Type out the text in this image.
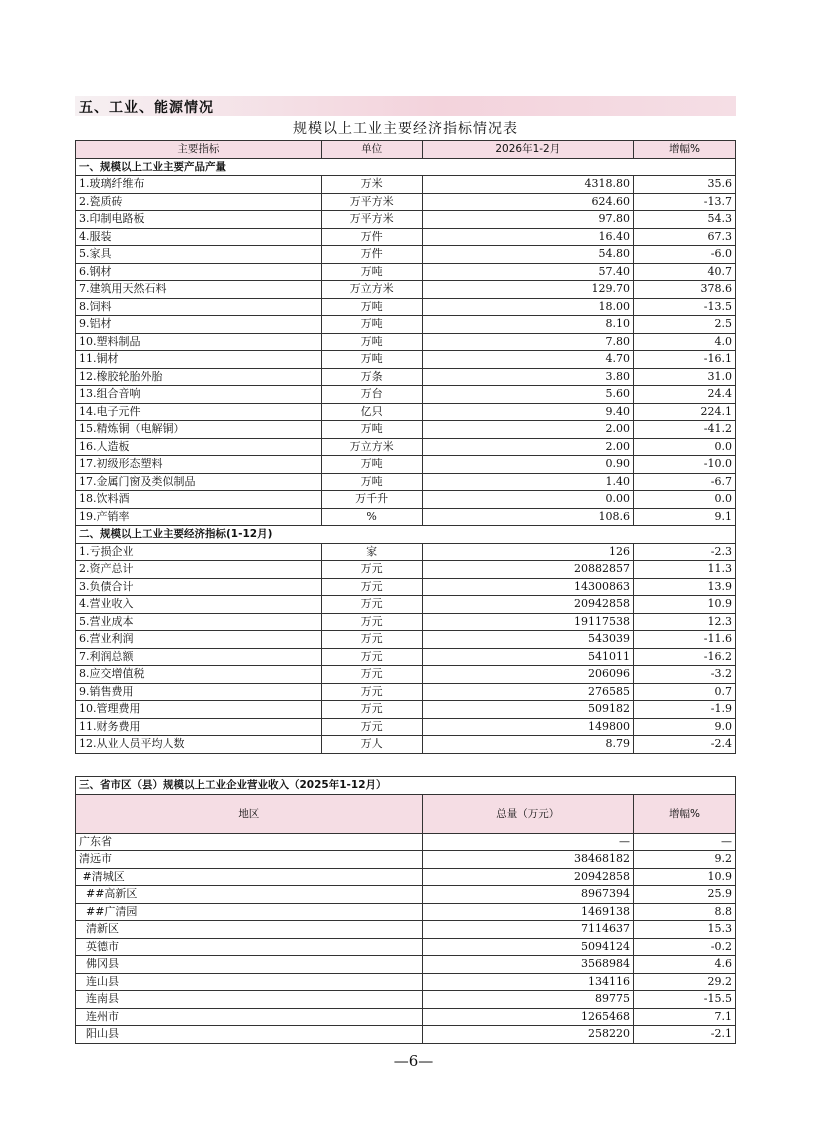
五、工业、能源情况
规模以上工业主要经济指标情况表
主要指标	单位	2026年1-2月	增幅%
一、规模以上工业主要产品产量			
1.玻璃纤维布	万米	4318.80	35.6
2.瓷质砖	万平方米	624.60	-13.7
3.印制电路板	万平方米	97.80	54.3
4.服装	万件	16.40	67.3
5.家具	万件	54.80	-6.0
6.钢材	万吨	57.40	40.7
7.建筑用天然石料	万立方米	129.70	378.6
8.饲料	万吨	18.00	-13.5
9.铝材	万吨	8.10	2.5
10.塑料制品	万吨	7.80	4.0
11.铜材	万吨	4.70	-16.1
12.橡胶轮胎外胎	万条	3.80	31.0
13.组合音响	万台	5.60	24.4
14.电子元件	亿只	9.40	224.1
15.精炼铜（电解铜）	万吨	2.00	-41.2
16.人造板	万立方米	2.00	0.0
17.初级形态塑料	万吨	0.90	-10.0
17.金属门窗及类似制品	万吨	1.40	-6.7
18.饮料酒	万千升	0.00	0.0
19.产销率	%	108.6	9.1
二、规模以上工业主要经济指标(1-12月)			
1.亏损企业	家	126	-2.3
2.资产总计	万元	20882857	11.3
3.负债合计	万元	14300863	13.9
4.营业收入	万元	20942858	10.9
5.营业成本	万元	19117538	12.3
6.营业利润	万元	543039	-11.6
7.利润总额	万元	541011	-16.2
8.应交增值税	万元	206096	-3.2
9.销售费用	万元	276585	0.7
10.管理费用	万元	509182	-1.9
11.财务费用	万元	149800	9.0
12.从业人员平均人数	万人	8.79	-2.4
三、省市区（县）规模以上工业企业营业收入（2025年1-12月）		
地区	总量（万元）	增幅%
广东省	—	—
清远市	38468182	9.2
#清城区	20942858	10.9
##高新区	8967394	25.9
##广清园	1469138	8.8
清新区	7114637	15.3
英德市	5094124	-0.2
佛冈县	3568984	4.6
连山县	134116	29.2
连南县	89775	-15.5
连州市	1265468	7.1
阳山县	258220	-2.1
—6—
